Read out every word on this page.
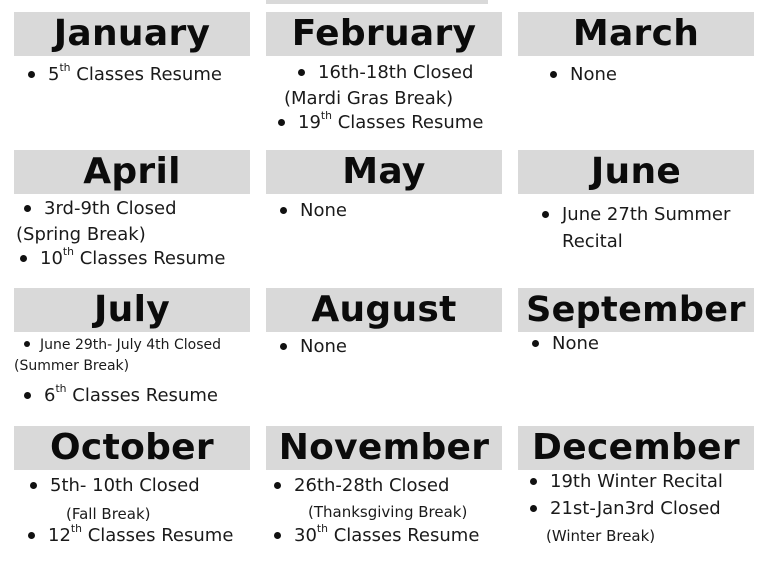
January
5th Classes Resume
February
16th-18th Closed
(Mardi Gras Break)
19th Classes Resume
March
None
April
3rd-9th Closed
(Spring Break)
10th Classes Resume
May
None
June
June 27th Summer
Recital
July
June 29th- July 4th Closed
(Summer Break)
6th Classes Resume
August
None
September
None
October
5th- 10th Closed
(Fall Break)
12th Classes Resume
November
26th-28th Closed
(Thanksgiving Break)
30th Classes Resume
December
19th Winter Recital
21st-Jan3rd Closed
(Winter Break)
